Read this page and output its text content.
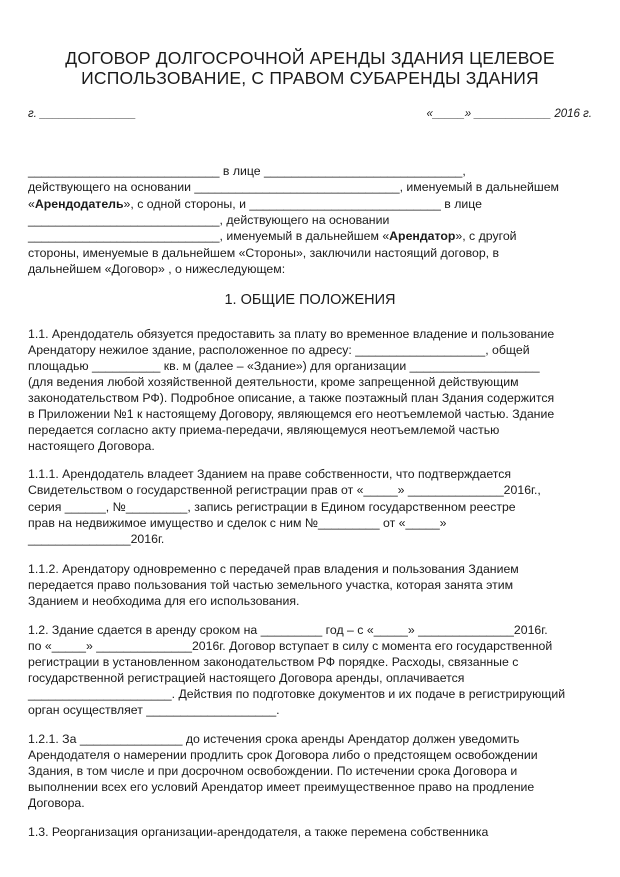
ДОГОВОР ДОЛГОСРОЧНОЙ АРЕНДЫ ЗДАНИЯ ЦЕЛЕВОЕ
ИСПОЛЬЗОВАНИЕ, С ПРАВОМ СУБАРЕНДЫ ЗДАНИЯ
г. _______________	«_____» ____________ 2016 г.
____________________________ в лице _____________________________,
действующего на основании ______________________________, именуемый в дальнейшем
«Арендодатель», с одной стороны, и ____________________________ в лице
____________________________, действующего на основании
____________________________, именуемый в дальнейшем «Арендатор», с другой
стороны, именуемые в дальнейшем «Стороны», заключили настоящий договор, в
дальнейшем «Договор» , о нижеследующем:
1. ОБЩИЕ ПОЛОЖЕНИЯ
1.1. Арендодатель обязуется предоставить за плату во временное владение и пользование
Арендатору нежилое здание, расположенное по адресу: ___________________, общей
площадью __________ кв. м (далее – «Здание») для организации ___________________
(для ведения любой хозяйственной деятельности, кроме запрещенной действующим
законодательством РФ). Подробное описание, а также поэтажный план Здания содержится
в Приложении №1 к настоящему Договору, являющемся его неотъемлемой частью. Здание
передается согласно акту приема-передачи, являющемуся неотъемлемой частью
настоящего Договора.
1.1.1. Арендодатель владеет Зданием на праве собственности, что подтверждается
Свидетельством о государственной регистрации прав от «_____» ______________2016г.,
серия ______, №_________, запись регистрации в Едином государственном реестре
прав на недвижимое имущество и сделок с ним №_________ от «_____»
_______________2016г.
1.1.2. Арендатору одновременно с передачей прав владения и пользования Зданием
передается право пользования той частью земельного участка, которая занята этим
Зданием и необходима для его использования.
1.2. Здание сдается в аренду сроком на _________ год – с «_____» ______________2016г.
по «_____» ______________2016г. Договор вступает в силу с момента его государственной
регистрации в установленном законодательством РФ порядке. Расходы, связанные с
государственной регистрацией настоящего Договора аренды, оплачивается
_____________________. Действия по подготовке документов и их подаче в регистрирующий
орган осуществляет ___________________.
1.2.1. За _______________ до истечения срока аренды Арендатор должен уведомить
Арендодателя о намерении продлить срок Договора либо о предстоящем освобождении
Здания, в том числе и при досрочном освобождении. По истечении срока Договора и
выполнении всех его условий Арендатор имеет преимущественное право на продление
Договора.
1.3. Реорганизация организации-арендодателя, а также перемена собственника
